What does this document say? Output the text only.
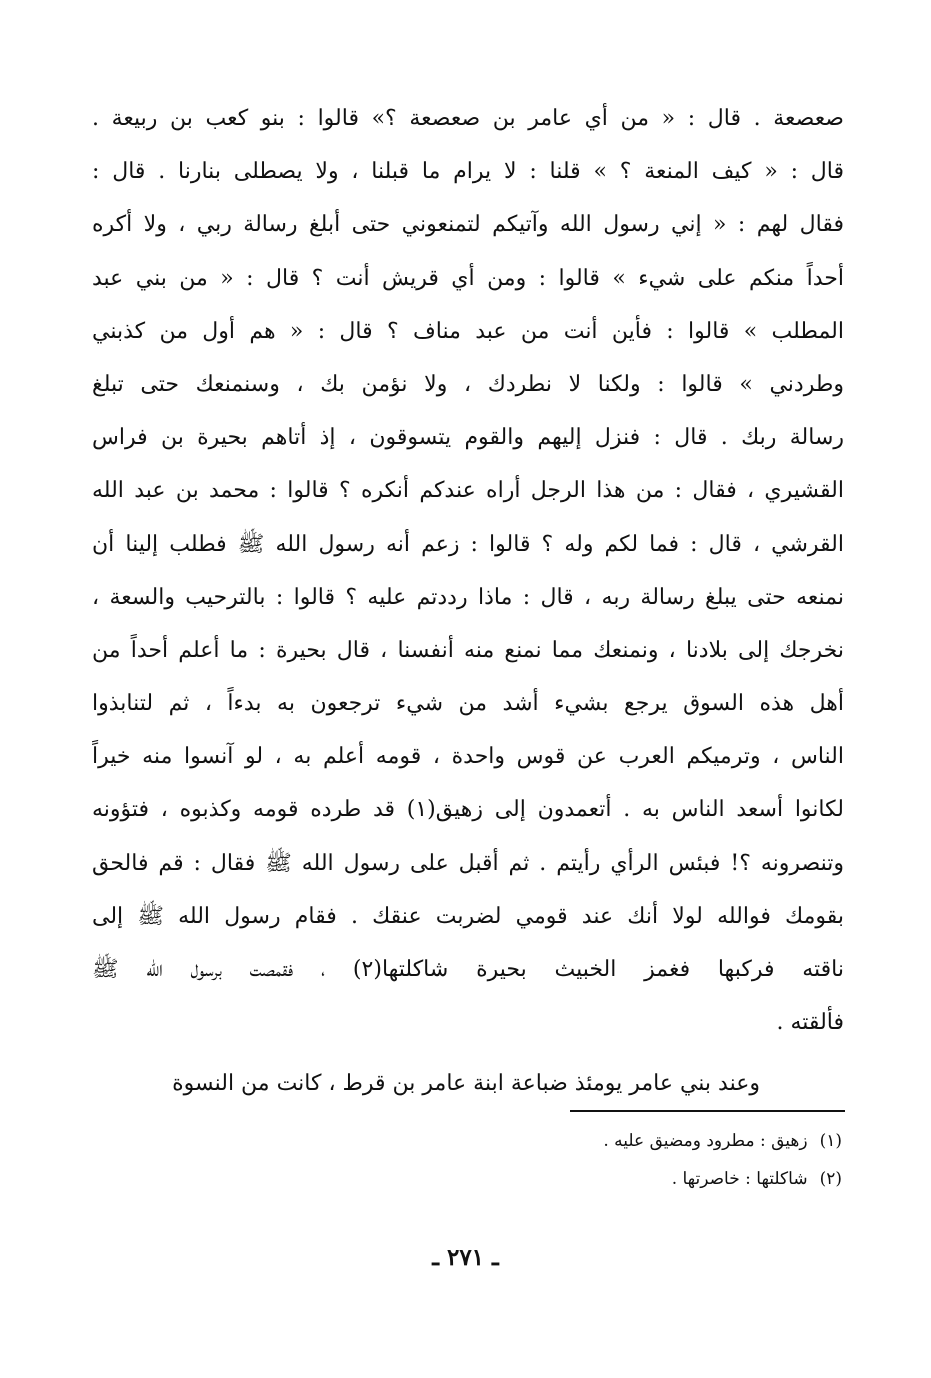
صعصعة . قال : « من أي عامر بن صعصعة ؟» قالوا : بنو كعب بن ربيعة .
قال : « كيف المنعة ؟ » قلنا : لا يرام ما قبلنا ، ولا يصطلى بنارنا . قال :
فقال لهم : « إني رسول الله وآتيكم لتمنعوني حتى أبلغ رسالة ربي ، ولا أكره
أحداً منكم على شيء » قالوا : ومن أي قريش أنت ؟ قال : « من بني عبد
المطلب » قالوا : فأين أنت من عبد مناف ؟ قال : « هم أول من كذبني
وطردني » قالوا : ولكنا لا نطردك ، ولا نؤمن بك ، وسنمنعك حتى تبلغ
رسالة ربك . قال : فنزل إليهم والقوم يتسوقون ، إذ أتاهم بحيرة بن فراس
القشيري ، فقال : من هذا الرجل أراه عندكم أنكره ؟ قالوا : محمد بن عبد الله
القرشي ، قال : فما لكم وله ؟ قالوا : زعم أنه رسول الله ﷺ فطلب إلينا أن
نمنعه حتى يبلغ رسالة ربه ، قال : ماذا رددتم عليه ؟ قالوا : بالترحيب والسعة ،
نخرجك إلى بلادنا ، ونمنعك مما نمنع منه أنفسنا ، قال بحيرة : ما أعلم أحداً من
أهل هذه السوق يرجع بشيء أشد من شيء ترجعون به بدءاً ، ثم لتنابذوا
الناس ، وترميكم العرب عن قوس واحدة ، قومه أعلم به ، لو آنسوا منه خيراً
لكانوا أسعد الناس به . أتعمدون إلى زهيق(١) قد طرده قومه وكذبوه ، فتؤونه
وتنصرونه ؟! فبئس الرأي رأيتم . ثم أقبل على رسول الله ﷺ فقال : قم فالحق
بقومك فوالله لولا أنك عند قومي لضربت عنقك . فقام رسول الله ﷺ إلى
ناقته فركبها فغمز الخبيث بحيرة شاكلتها(٢) ، فقمصت برسول الله ﷺ
فألقته .
وعند بني عامر يومئذ ضباعة ابنة عامر بن قرط ، كانت من النسوة
(١)زهيق : مطرود ومضيق عليه .
(٢)شاكلتها : خاصرتها .
ـ ٢٧١ ـ
